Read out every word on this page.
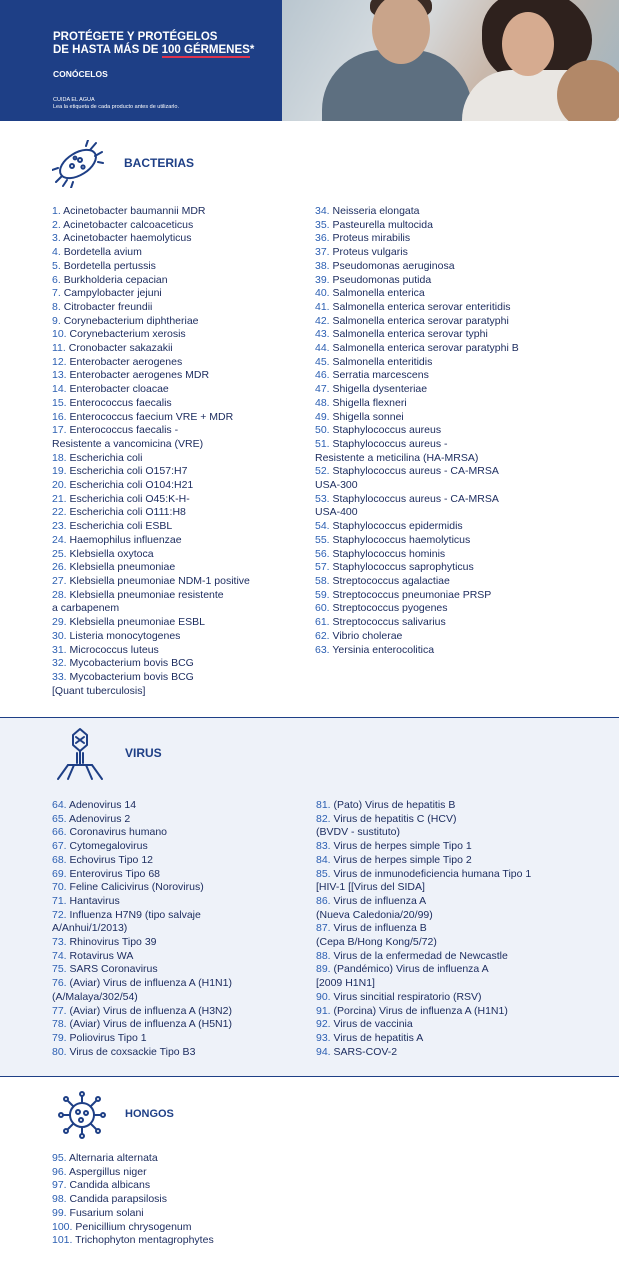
PROTÉGETE Y PROTÉGELOS
DE HASTA MÁS DE 100 GÉRMENES*
CONÓCELOS
CUIDA EL AGUA
Lea la etiqueta de cada producto antes de utilizarlo.
BACTERIAS
1. Acinetobacter baumannii MDR
2. Acinetobacter calcoaceticus
3. Acinetobacter haemolyticus
4. Bordetella avium
5. Bordetella pertussis
6. Burkholderia cepacian
7. Campylobacter jejuni
8. Citrobacter freundii
9. Corynebacterium diphtheriae
10. Corynebacterium xerosis
11. Cronobacter sakazakii
12. Enterobacter aerogenes
13. Enterobacter aerogenes MDR
14. Enterobacter cloacae
15. Enterococcus faecalis
16. Enterococcus faecium VRE + MDR
17. Enterococcus faecalis -
Resistente a vancomicina (VRE)
18. Escherichia coli
19. Escherichia coli O157:H7
20. Escherichia coli O104:H21
21. Escherichia coli O45:K-H-
22. Escherichia coli O111:H8
23. Escherichia coli ESBL
24. Haemophilus influenzae
25. Klebsiella oxytoca
26. Klebsiella pneumoniae
27. Klebsiella pneumoniae NDM-1 positive
28. Klebsiella pneumoniae resistente
a carbapenem
29. Klebsiella pneumoniae ESBL
30. Listeria monocytogenes
31. Micrococcus luteus
32. Mycobacterium bovis BCG
33. Mycobacterium bovis BCG
[Quant tuberculosis]
34. Neisseria elongata
35. Pasteurella multocida
36. Proteus mirabilis
37. Proteus vulgaris
38. Pseudomonas aeruginosa
39. Pseudomonas putida
40. Salmonella enterica
41. Salmonella enterica serovar enteritidis
42. Salmonella enterica serovar paratyphi
43. Salmonella enterica serovar typhi
44. Salmonella enterica serovar paratyphi B
45. Salmonella enteritidis
46. Serratia marcescens
47. Shigella dysenteriae
48. Shigella flexneri
49. Shigella sonnei
50. Staphylococcus aureus
51. Staphylococcus aureus -
Resistente a meticilina (HA-MRSA)
52. Staphylococcus aureus - CA-MRSA
USA-300
53. Staphylococcus aureus - CA-MRSA
USA-400
54. Staphylococcus epidermidis
55. Staphylococcus haemolyticus
56. Staphylococcus hominis
57. Staphylococcus saprophyticus
58. Streptococcus agalactiae
59. Streptococcus pneumoniae PRSP
60. Streptococcus pyogenes
61. Streptococcus salivarius
62. Vibrio cholerae
63. Yersinia enterocolitica
VIRUS
64. Adenovirus 14
65. Adenovirus 2
66. Coronavirus humano
67. Cytomegalovirus
68. Echovirus Tipo 12
69. Enterovirus Tipo 68
70. Feline Calicivirus (Norovirus)
71. Hantavirus
72. Influenza H7N9 (tipo salvaje
A/Anhui/1/2013)
73. Rhinovirus Tipo 39
74. Rotavirus WA
75. SARS Coronavirus
76. (Aviar) Virus de influenza A (H1N1)
(A/Malaya/302/54)
77. (Aviar) Virus de influenza A (H3N2)
78. (Aviar) Virus de influenza A (H5N1)
79. Poliovirus Tipo 1
80. Virus de coxsackie Tipo B3
81. (Pato) Virus de hepatitis B
82. Virus de hepatitis C (HCV)
(BVDV - sustituto)
83. Virus de herpes simple Tipo 1
84. Virus de herpes simple Tipo 2
85. Virus de inmunodeficiencia humana Tipo 1
[HIV-1 [[Virus del SIDA]
86. Virus de influenza A
(Nueva Caledonia/20/99)
87. Virus de influenza B
(Cepa B/Hong Kong/5/72)
88. Virus de la enfermedad de Newcastle
89. (Pandémico) Virus de influenza A
[2009 H1N1]
90. Virus sincitial respiratorio (RSV)
91. (Porcina) Virus de influenza A (H1N1)
92. Virus de vaccinia
93. Virus de hepatitis A
94. SARS-COV-2
HONGOS
95. Alternaria alternata
96. Aspergillus niger
97. Candida albicans
98. Candida parapsilosis
99. Fusarium solani
100. Penicillium chrysogenum
101. Trichophyton mentagrophytes
